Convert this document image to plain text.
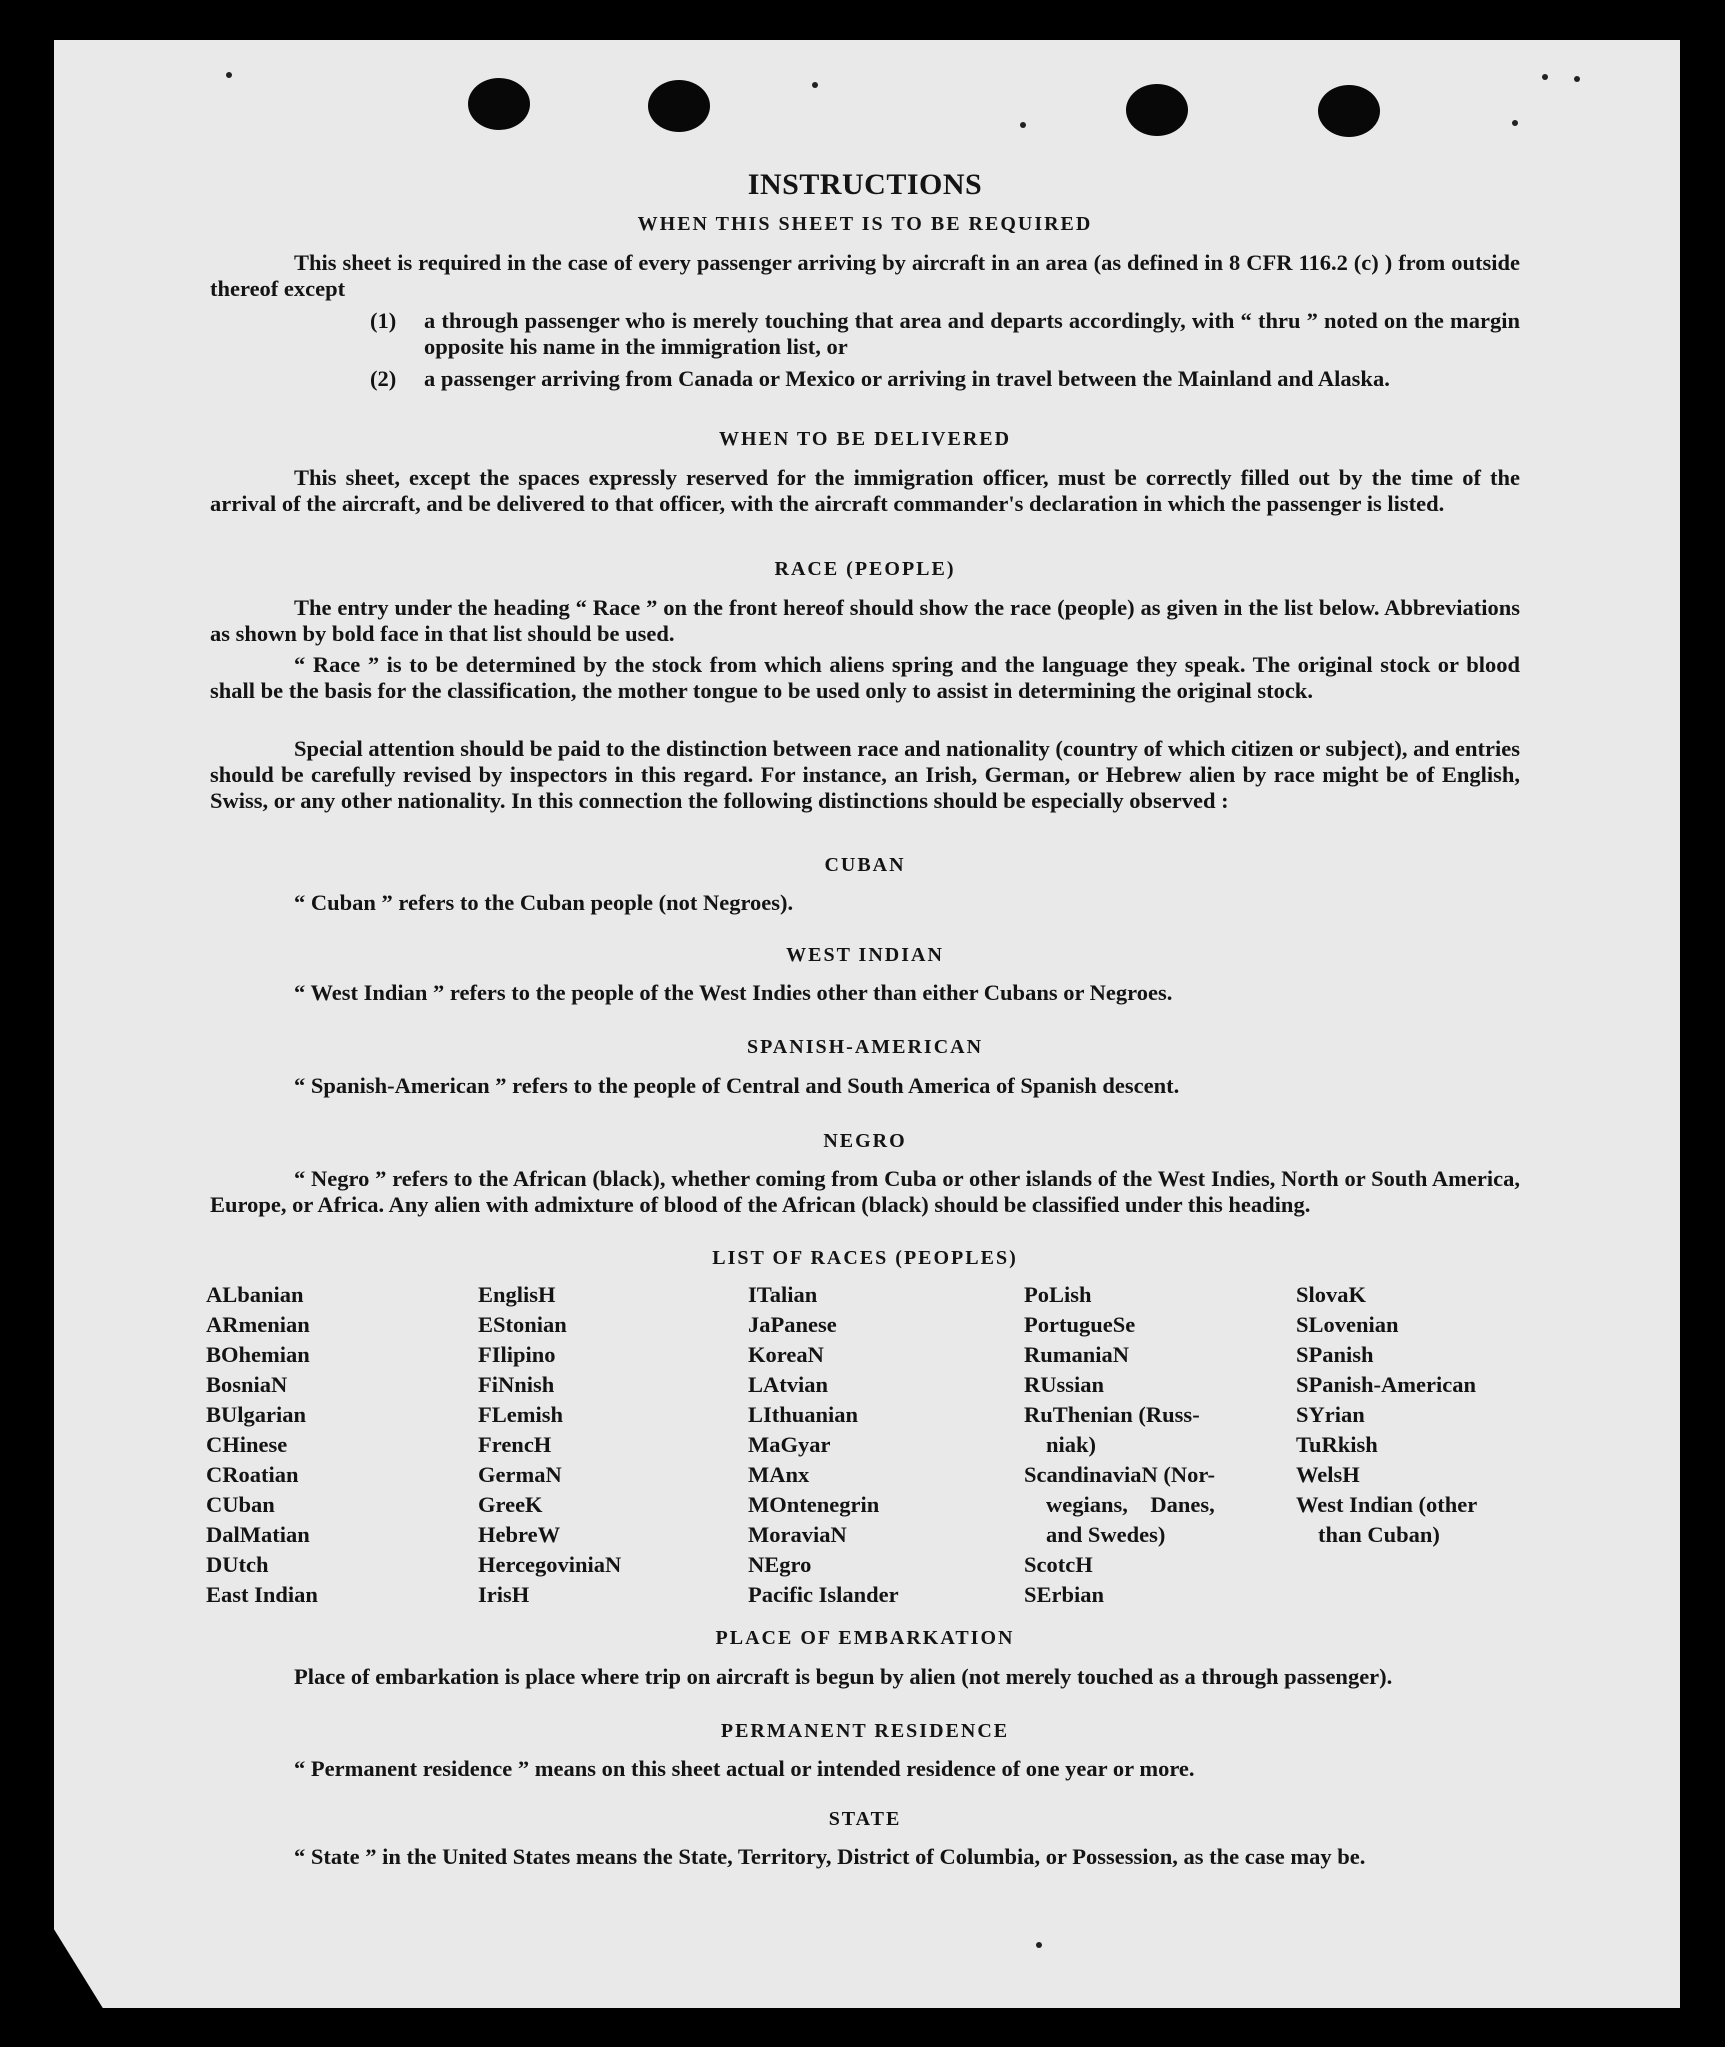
INSTRUCTIONS
WHEN THIS SHEET IS TO BE REQUIRED

This sheet is required in the case of every passenger arriving by aircraft in an area (as defined in 8 CFR 116.2 (c) ) from outside thereof except

(1) a through passenger who is merely touching that area and departs accordingly, with “ thru ” noted on the margin opposite his name in the immigration list, or

(2) a passenger arriving from Canada or Mexico or arriving in travel between the Mainland and Alaska.

WHEN TO BE DELIVERED

This sheet, except the spaces expressly reserved for the immigration officer, must be correctly filled out by the time of the arrival of the aircraft, and be delivered to that officer, with the aircraft commander's declaration in which the passenger is listed.

RACE (PEOPLE)

The entry under the heading “ Race ” on the front hereof should show the race (people) as given in the list below. Abbreviations as shown by bold face in that list should be used.

“ Race ” is to be determined by the stock from which aliens spring and the language they speak. The original stock or blood shall be the basis for the classification, the mother tongue to be used only to assist in determining the original stock.

Special attention should be paid to the distinction between race and nationality (country of which citizen or subject), and entries should be carefully revised by inspectors in this regard. For instance, an Irish, German, or Hebrew alien by race might be of English, Swiss, or any other nationality. In this connection the following distinctions should be especially observed :

CUBAN

“ Cuban ” refers to the Cuban people (not Negroes).

WEST INDIAN

“ West Indian ” refers to the people of the West Indies other than either Cubans or Negroes.

SPANISH-AMERICAN

“ Spanish-American ” refers to the people of Central and South America of Spanish descent.

NEGRO

“ Negro ” refers to the African (black), whether coming from Cuba or other islands of the West Indies, North or South America, Europe, or Africa. Any alien with admixture of blood of the African (black) should be classified under this heading.

LIST OF RACES (PEOPLES)
ALbanian
ARmenian
BOhemian
BosniaN
BUlgarian
CHinese
CRoatian
CUban
DalMatian
DUtch
East Indian
EnglisH
EStonian
FIlipino
FiNnish
FLemish
FrencH
GermaN
GreeK
HebreW
HercegoviniaN
IrisH
ITalian
JaPanese
KoreaN
LAtvian
LIthuanian
MaGyar
MAnx
MOntenegrin
MoraviaN
NEgro
Pacific Islander
PoLish
PortugueSe
RumaniaN
RUssian
RuThenian (Russ-
niak)
ScandinaviaN (Nor-
wegians,    Danes,
and Swedes)
ScotcH
SErbian
SlovaK
SLovenian
SPanish
SPanish-American
SYrian
TuRkish
WelsH
West Indian (other
than Cuban)
PLACE OF EMBARKATION

Place of embarkation is place where trip on aircraft is begun by alien (not merely touched as a through passenger).

PERMANENT RESIDENCE

“ Permanent residence ” means on this sheet actual or intended residence of one year or more.

STATE

“ State ” in the United States means the State, Territory, District of Columbia, or Possession, as the case may be.
